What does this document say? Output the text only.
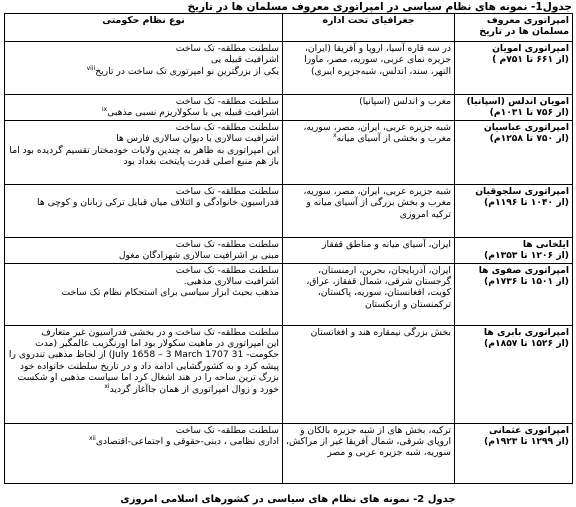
جدول1- نمونه های نظام سیاسی در امپراتوری معروف مسلمان ها در تاریخ
امپراتوری معروف مسلمان ها در تاریخ	جغرافیای تحت اداره	نوع نظام حکومتی
امپراتوری امویان
(از ۶۶۱ تا ۷۵۱م )	در سه قاره آسیا، اروپا و آفریقا (ایران، جزیره نمای عربی، سوریه، مصر، ماورا النهر، سند، اندلس، شبه‌جزیره ایبری)	سلطنت مطلقه- تک ساخت
اشرافیت قبیله یی
یکی از بزرگترین نو امپرتوری تک ساخت در تاریخ$^{viii}$
امویان اندلس (اسپانیا)
(از ۷۵۶ تا ۱۰۳۱م)	مغرب و اندلس (اسپانیا)	سلطنت مطلقه- تک ساخت
اشرافیت قبیله یی با سکولاریزم نسبی مذهبی$^{ix}$
امپراتوری عباسیان
(از ۷۵۰ تا ۱۲۵۸م)	شبه جزیره عربی، ایران، مصر، سوریه، مغرب و بخشی از آسیای میانه$^x$	سلطنت مطلقه- تک ساخت
اشرافیت سالاری با دیوان سالاری فارس ها
این امپراتوری به ظاهر به چندین ولایات خودمختار تقسیم گردیده بود اما باز هم منبع اصلی قدرت پایتخت بغداد بود
امپراتوری سلجوقیان
(از ۱۰۴۰ تا ۱۱۹۶م)	شبه جزیره عربی، ایران، مصر، سوریه، مغرب و بخش بزرگی از آسیای میانه و ترکیه امروزی	سلطنت مطلقه- تک ساخت
فدراسیون خانوادگی و ائتلاف میان قبایل ترکی زبانان و کوچی ها
ایلخانی ها
(از ۱۲۰۶ تا ۱۳۵۳م)	ایران، آسیای میانه و مناطق قفقاز	سلطنت مطلقه- تک ساخت
مبنی بر اشرافیت سالاری شهزادگان مغول
امپراتوری صفوی ها
(از ۱۵۰۱ تا ۱۷۳۶م)	ایران، آذربایجان، بحرین، ارمنستان، گرجستان شرقی، شمال قفقاز، عراق، کویت، افغانستان، سوریه، پاکستان، ترکمنستان و ازبکستان	سلطنت مطلقه- تک ساخت
اشرافیت سالاری مذهبی.
مذهب بحیث ابزار سیاسی برای استحکام نظام تک ساخت
امپراتوری بابری ها
(از ۱۵۲۶ تا ۱۸۵۷م)	بخش بزرگی نیمقاره هند و افغانستان	سلطنت مطلقه- تک ساخت و در بخشی فدراسیون غیر متعارف
این امپراتوری در ماهیت سکولار بود اما اورنگزیب عالمگیر (مدت حکومت- 31 July 1658 – 3 March 1707) از لحاظ مذهبی تندروی را پیشه کرد و به کشورگشایی ادامه داد و در تاریخ سلطنت خانواده خود بزرگ ترین ساحه را در هند اشغال کرد اما سیاست مذهبی او شکست خورد و زوال امپراتوری از همان جاآغاز گردید$^{xi}$
امپراتوری عثمانی
(از ۱۲۹۹ تا ۱۹۲۳م)	ترکیه، بخش های از شبه جزیره بالکان و اروپای شرقی، شمال آفریقا غیر از مراکش، سوریه، شبه جزیره عربی و مصر	سلطنت مطلقه- تک ساخت
اداری نظامی ، دینی-حقوقی و اجتماعی-اقتصادی$^{xii}$
جدول 2- نمونه های نظام های سیاسی در کشورهای اسلامی امروزی
